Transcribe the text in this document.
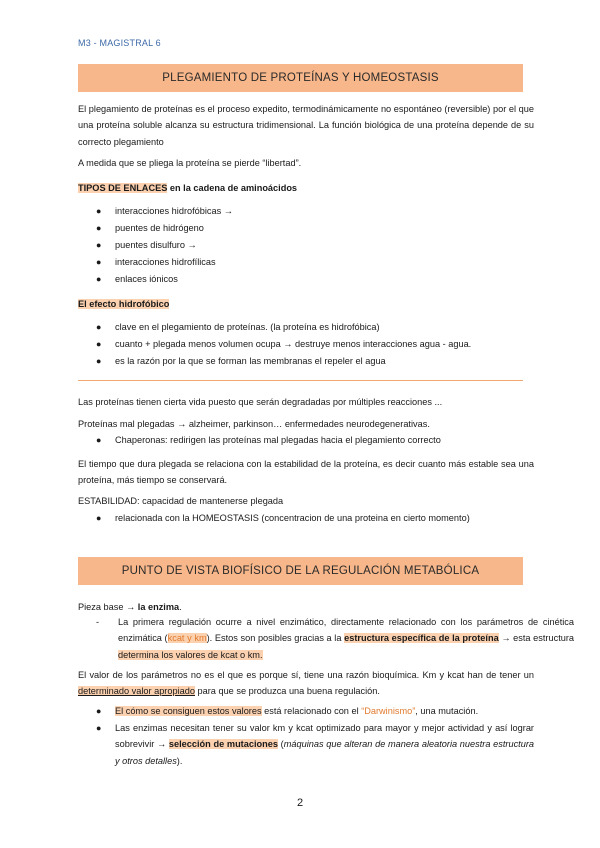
M3 - MAGISTRAL 6
PLEGAMIENTO DE PROTEÍNAS Y HOMEOSTASIS

El plegamiento de proteínas es el proceso expedito, termodinámicamente no espontáneo (reversible) por el que una proteína soluble alcanza su estructura tridimensional. La función biológica de una proteína depende de su correcto plegamiento

A medida que se pliega la proteína se pierde “libertad”.

TIPOS DE ENLACES en la cadena de aminoácidos

● interacciones hidrofóbicas →
● puentes de hidrógeno
● puentes disulfuro →
● interacciones hidrofílicas
● enlaces iónicos

El efecto hidrofóbico

● clave en el plegamiento de proteínas. (la proteína es hidrofóbica)
● cuanto + plegada menos volumen ocupa → destruye menos interacciones agua - agua.
● es la razón por la que se forman las membranas el repeler el agua

Las proteínas tienen cierta vida puesto que serán degradadas por múltiples reacciones ...

Proteínas mal plegadas → alzheimer, parkinson… enfermedades neurodegenerativas.

● Chaperonas: redirigen las proteínas mal plegadas hacia el plegamiento correcto

El tiempo que dura plegada se relaciona con la estabilidad de la proteína, es decir cuanto más estable sea una proteína, más tiempo se conservará.

ESTABILIDAD: capacidad de mantenerse plegada

● relacionada con la HOMEOSTASIS (concentracion de una proteina en cierto momento)
PUNTO DE VISTA BIOFÍSICO DE LA REGULACIÓN METABÓLICA

Pieza base → la enzima.

- La primera regulación ocurre a nivel enzimático, directamente relacionado con los parámetros de cinética enzimática (kcat y km). Estos son posibles gracias a la estructura específica de la proteína → esta estructura determina los valores de kcat o km.

El valor de los parámetros no es el que es porque sí, tiene una razón bioquímica. Km y kcat han de tener un determinado valor apropiado para que se produzca una buena regulación.

● El cómo se consiguen estos valores está relacionado con el “Darwinismo”, una mutación.
● Las enzimas necesitan tener su valor km y kcat optimizado para mayor y mejor actividad y así lograr sobrevivir → selección de mutaciones (máquinas que alteran de manera aleatoria nuestra estructura y otros detalles).
2
